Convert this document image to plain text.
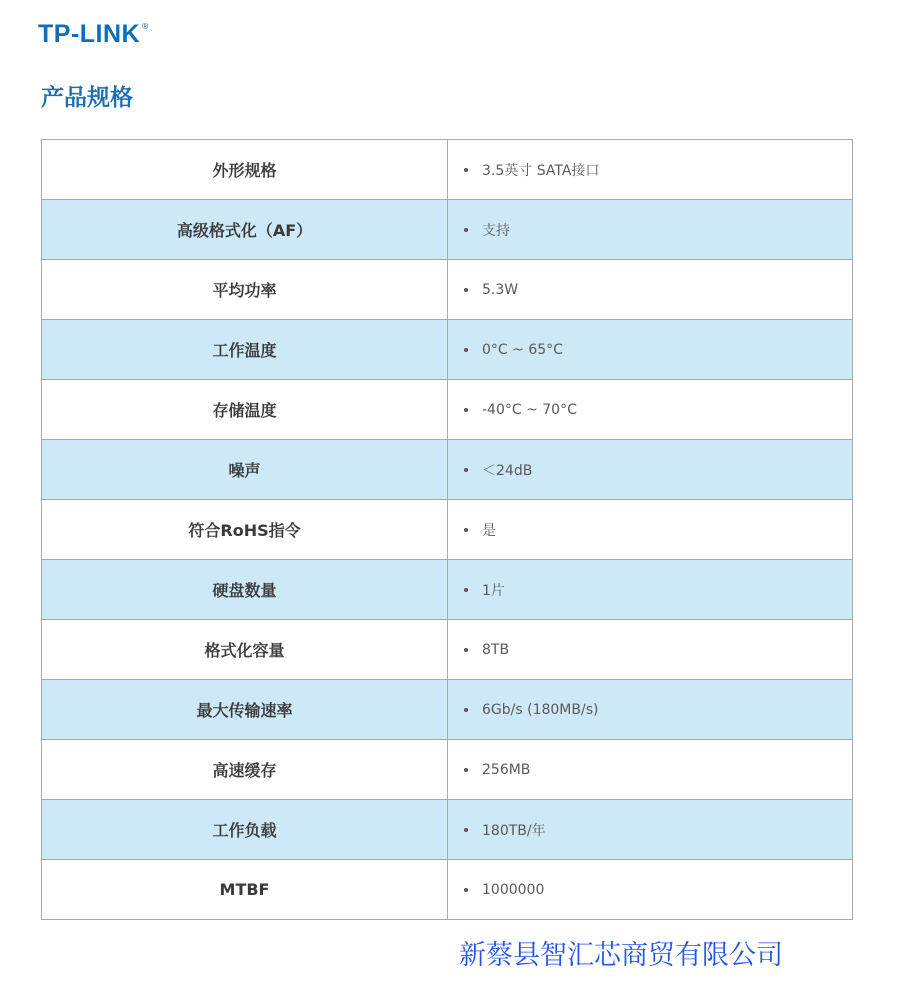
TP-LINK ®
产品规格
外形规格	3.5英寸 SATA接口

高级格式化（AF）	支持

平均功率	5.3W

工作温度	0°C ~ 65°C

存储温度	-40°C ~ 70°C

噪声	＜24dB

符合RoHS指令	是

硬盘数量	1片

格式化容量	8TB

最大传输速率	6Gb/s (180MB/s)

高速缓存	256MB

工作负载	180TB/年

MTBF	1000000
新蔡县智汇芯商贸有限公司
